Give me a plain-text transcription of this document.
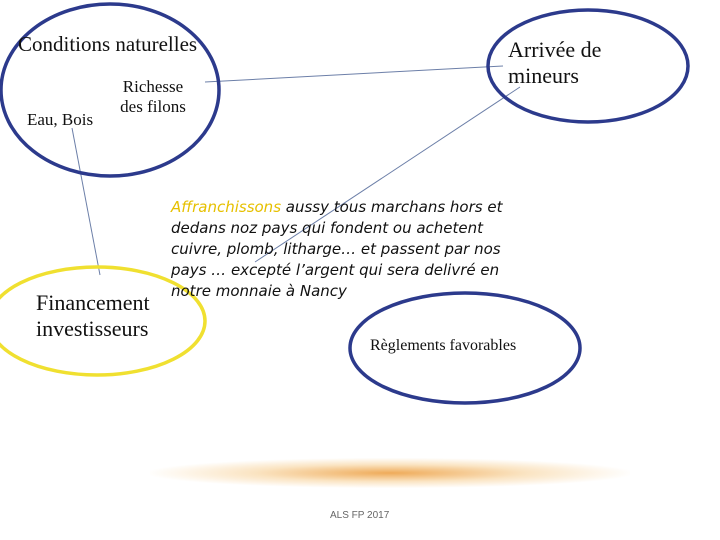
Conditions naturelles
Richesse des filons
Eau, Bois
Arrivée de mineurs
Financement investisseurs
Affranchissons aussy tous marchans hors et dedans noz pays qui fondent ou achetent cuivre, plomb, litharge… et passent par nos pays … excepté l’argent qui sera delivré en notre monnaie à Nancy
Règlements favorables
ALS FP 2017
